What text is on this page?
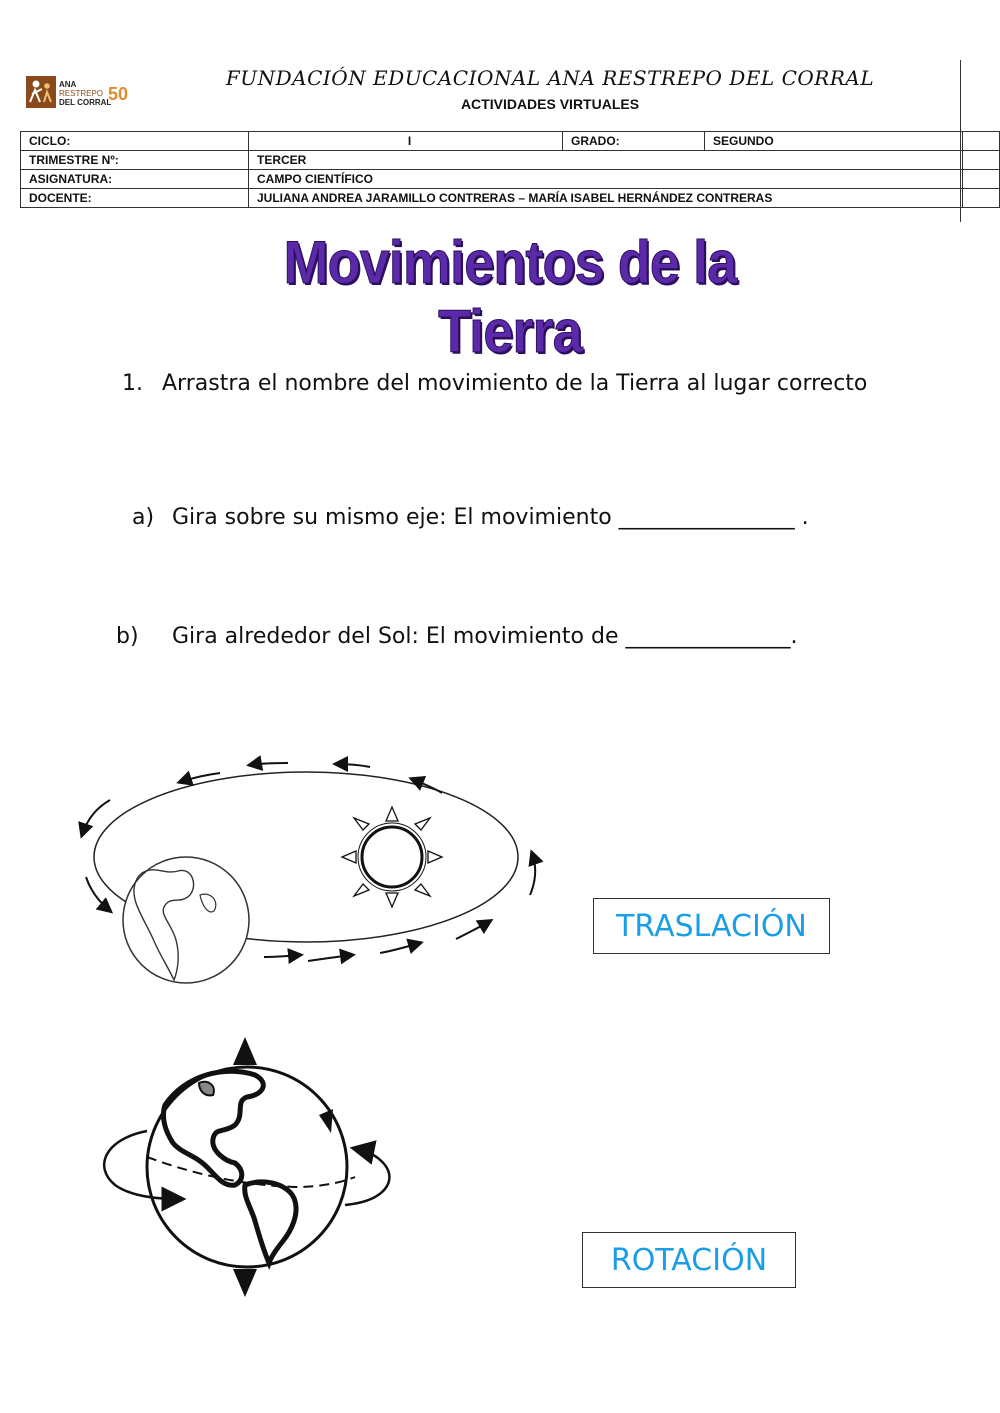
ANA
RESTREPO
DEL CORRAL
50
FUNDACIÓN EDUCACIONAL ANA RESTREPO DEL CORRAL
ACTIVIDADES VIRTUALES
CICLO:	I	GRADO:	SEGUNDO	
TRIMESTRE Nº:	TERCER			
ASIGNATURA:	CAMPO CIENTÍFICO			
DOCENTE:	JULIANA ANDREA JARAMILLO CONTRERAS – MARÍA ISABEL HERNÁNDEZ CONTRERAS			
Movimientos de la Tierra
1. Arrastra el nombre del movimiento de la Tierra al lugar correcto
a) Gira sobre su mismo eje: El movimiento ________________ .
b) Gira alrededor del Sol: El movimiento de _______________.
TRASLACIÓN
ROTACIÓN
